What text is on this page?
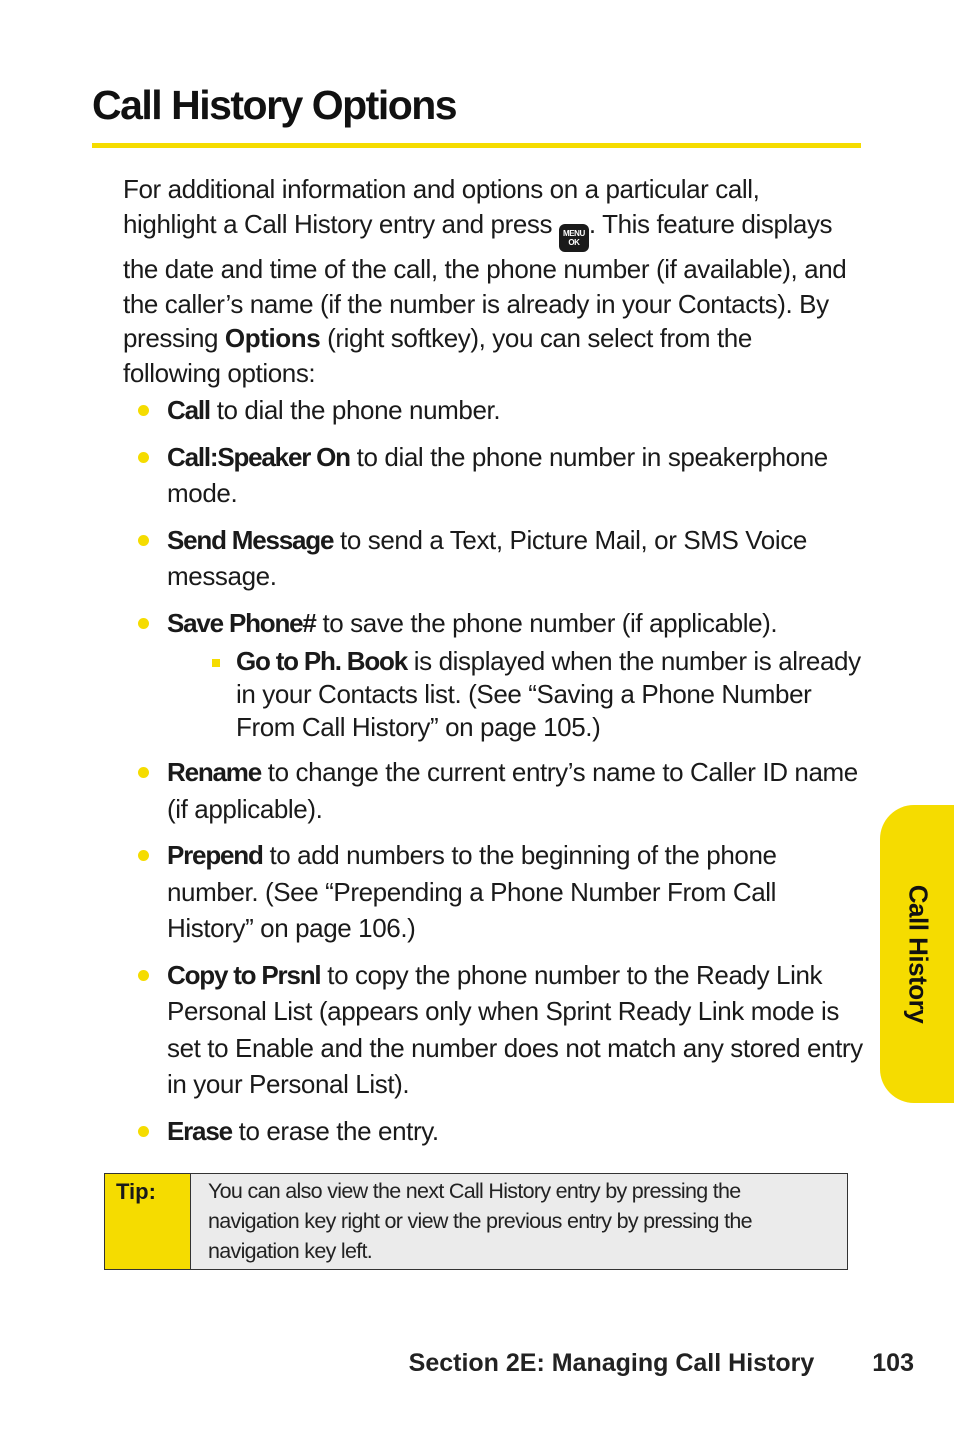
Call History Options

For additional information and options on a particular call, highlight a Call History entry and press MENU
OK
. This feature displays the date and time of the call, the phone number (if available), and the caller’s name (if the number is already in your Contacts). By pressing Options (right softkey), you can select from the following options:

Call to dial the phone number.
Call:Speaker On to dial the phone number in speakerphone mode.
Send Message to send a Text, Picture Mail, or SMS Voice message.
Save Phone# to save the phone number (if applicable).
Go to Ph. Book is displayed when the number is already in your Contacts list. (See “Saving a Phone Number From Call History” on page 105.)
Rename to change the current entry’s name to Caller ID name (if applicable).
Prepend to add numbers to the beginning of the phone number. (See “Prepending a Phone Number From Call History” on page 106.)
Copy to Prsnl to copy the phone number to the Ready Link Personal List (appears only when Sprint Ready Link mode is set to Enable and the number does not match any stored entry in your Personal List).
Erase to erase the entry.
Tip:	You can also view the next Call History entry by pressing the navigation key right or view the previous entry by pressing the navigation key left.
Call History
Section 2E: Managing Call History 103
